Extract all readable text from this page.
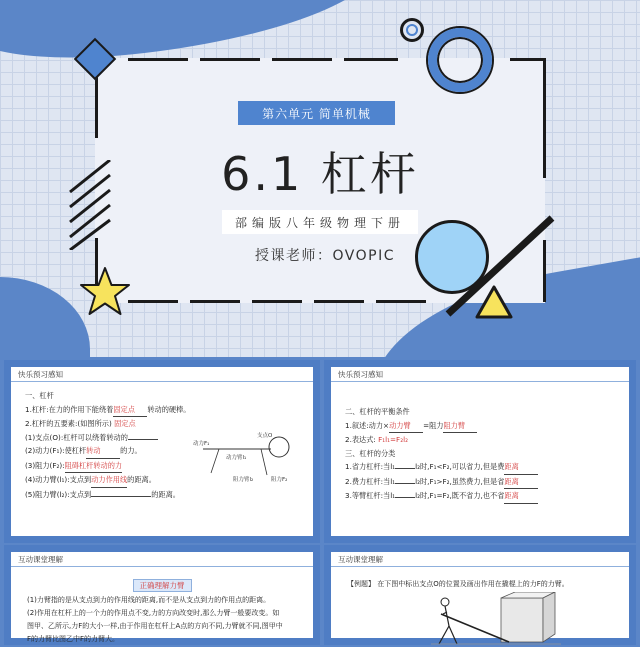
第六单元 简单机械
6.1 杠杆
部编版八年级物理下册
授课老师：OVOPIC
快乐预习感知
一、杠杆
1.杠杆:在力的作用下能绕着固定点 转动的硬棒。
2.杠杆的五要素:(如图所示) 固定点
(1)支点(O):杠杆可以绕着转动的
(2)动力(F₁):使杠杆转动	的力。
(3)阻力(F₂):阻碍杠杆转动的力
(4)动力臂(l₁):支点到动力作用线的距离。
(5)阻力臂(l₂):支点到	的距离。
支点O
动力F₁
动力臂l₁
阻力臂l₂	阻力F₂
快乐预习感知
二、杠杆的平衡条件
1.叙述:动力×动力臂 =阻力阻力臂
2.表达式: F₁l₁=F₂l₂
三、杠杆的分类
1.省力杠杆:当l₁	l₂时,F₁<F₂,可以省力,但是费距离
2.费力杠杆:当l₁	l₂时,F₁>F₂,虽然费力,但是省距离
3.等臂杠杆:当l₁	l₂时,F₁=F₂,既不省力,也不省距离
互动课堂理解
正确理解力臂
(1)力臂指的是从支点到力的作用线的距离,而不是从支点到力的作用点的距离。
(2)作用在杠杆上的一个力的作用点不变,力的方向改变时,那么力臂一般要改变。如
图甲、乙所示,力F的大小一样,由于作用在杠杆上A点的方向不同,力臂就不同,图甲中
F的力臂比图乙中F的力臂大。
互动课堂理解
【例题】 在下图中标出支点O的位置及画出作用在撬棍上的力F的力臂。
